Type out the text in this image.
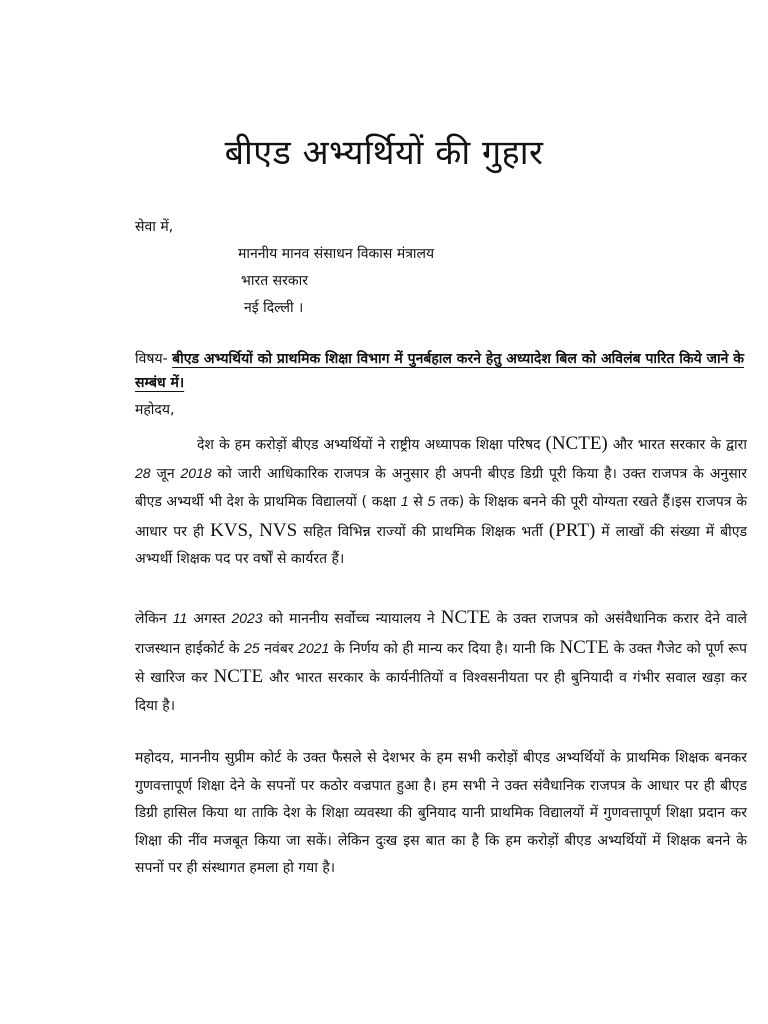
बीएड अभ्यर्थियों की गुहार
सेवा में,
माननीय मानव संसाधन विकास मंत्रालय
भारत सरकार
नई दिल्ली ।
विषय- बीएड अभ्यर्थियों को प्राथमिक शिक्षा विभाग में पुनर्बहाल करने हेतु अध्यादेश बिल को अविलंब पारित किये जाने के सम्बंध में।
महोदय,
देश के हम करोड़ों बीएड अभ्यर्थियों ने राष्ट्रीय अध्यापक शिक्षा परिषद (NCTE) और भारत सरकार के द्वारा 28 जून 2018 को जारी आधिकारिक राजपत्र के अनुसार ही अपनी बीएड डिग्री पूरी किया है। उक्त राजपत्र के अनुसार बीएड अभ्यर्थी भी देश के प्राथमिक विद्यालयों ( कक्षा 1 से 5 तक) के शिक्षक बनने की पूरी योग्यता रखते हैं।इस राजपत्र के आधार पर ही KVS, NVS सहित विभिन्न राज्यों की प्राथमिक शिक्षक भर्ती (PRT) में लाखों की संख्या में बीएड अभ्यर्थी शिक्षक पद पर वर्षों से कार्यरत हैं।
लेकिन 11 अगस्त 2023 को माननीय सर्वोच्च न्यायालय ने NCTE के उक्त राजपत्र को असंवैधानिक करार देने वाले राजस्थान हाईकोर्ट के 25 नवंबर 2021 के निर्णय को ही मान्य कर दिया है। यानी कि NCTE के उक्त गैजेट को पूर्ण रूप से खारिज कर NCTE और भारत सरकार के कार्यनीतियों व विश्वसनीयता पर ही बुनियादी व गंभीर सवाल खड़ा कर दिया है।
महोदय, माननीय सुप्रीम कोर्ट के उक्त फैसले से देशभर के हम सभी करोड़ों बीएड अभ्यर्थियों के प्राथमिक शिक्षक बनकर गुणवत्तापूर्ण शिक्षा देने के सपनों पर कठोर वज्रपात हुआ है। हम सभी ने उक्त संवैधानिक राजपत्र के आधार पर ही बीएड डिग्री हासिल किया था ताकि देश के शिक्षा व्यवस्था की बुनियाद यानी प्राथमिक विद्यालयों में गुणवत्तापूर्ण शिक्षा प्रदान कर शिक्षा की नींव मजबूत किया जा सकें। लेकिन दुःख इस बात का है कि हम करोड़ों बीएड अभ्यर्थियों में शिक्षक बनने के सपनों पर ही संस्थागत हमला हो गया है।
